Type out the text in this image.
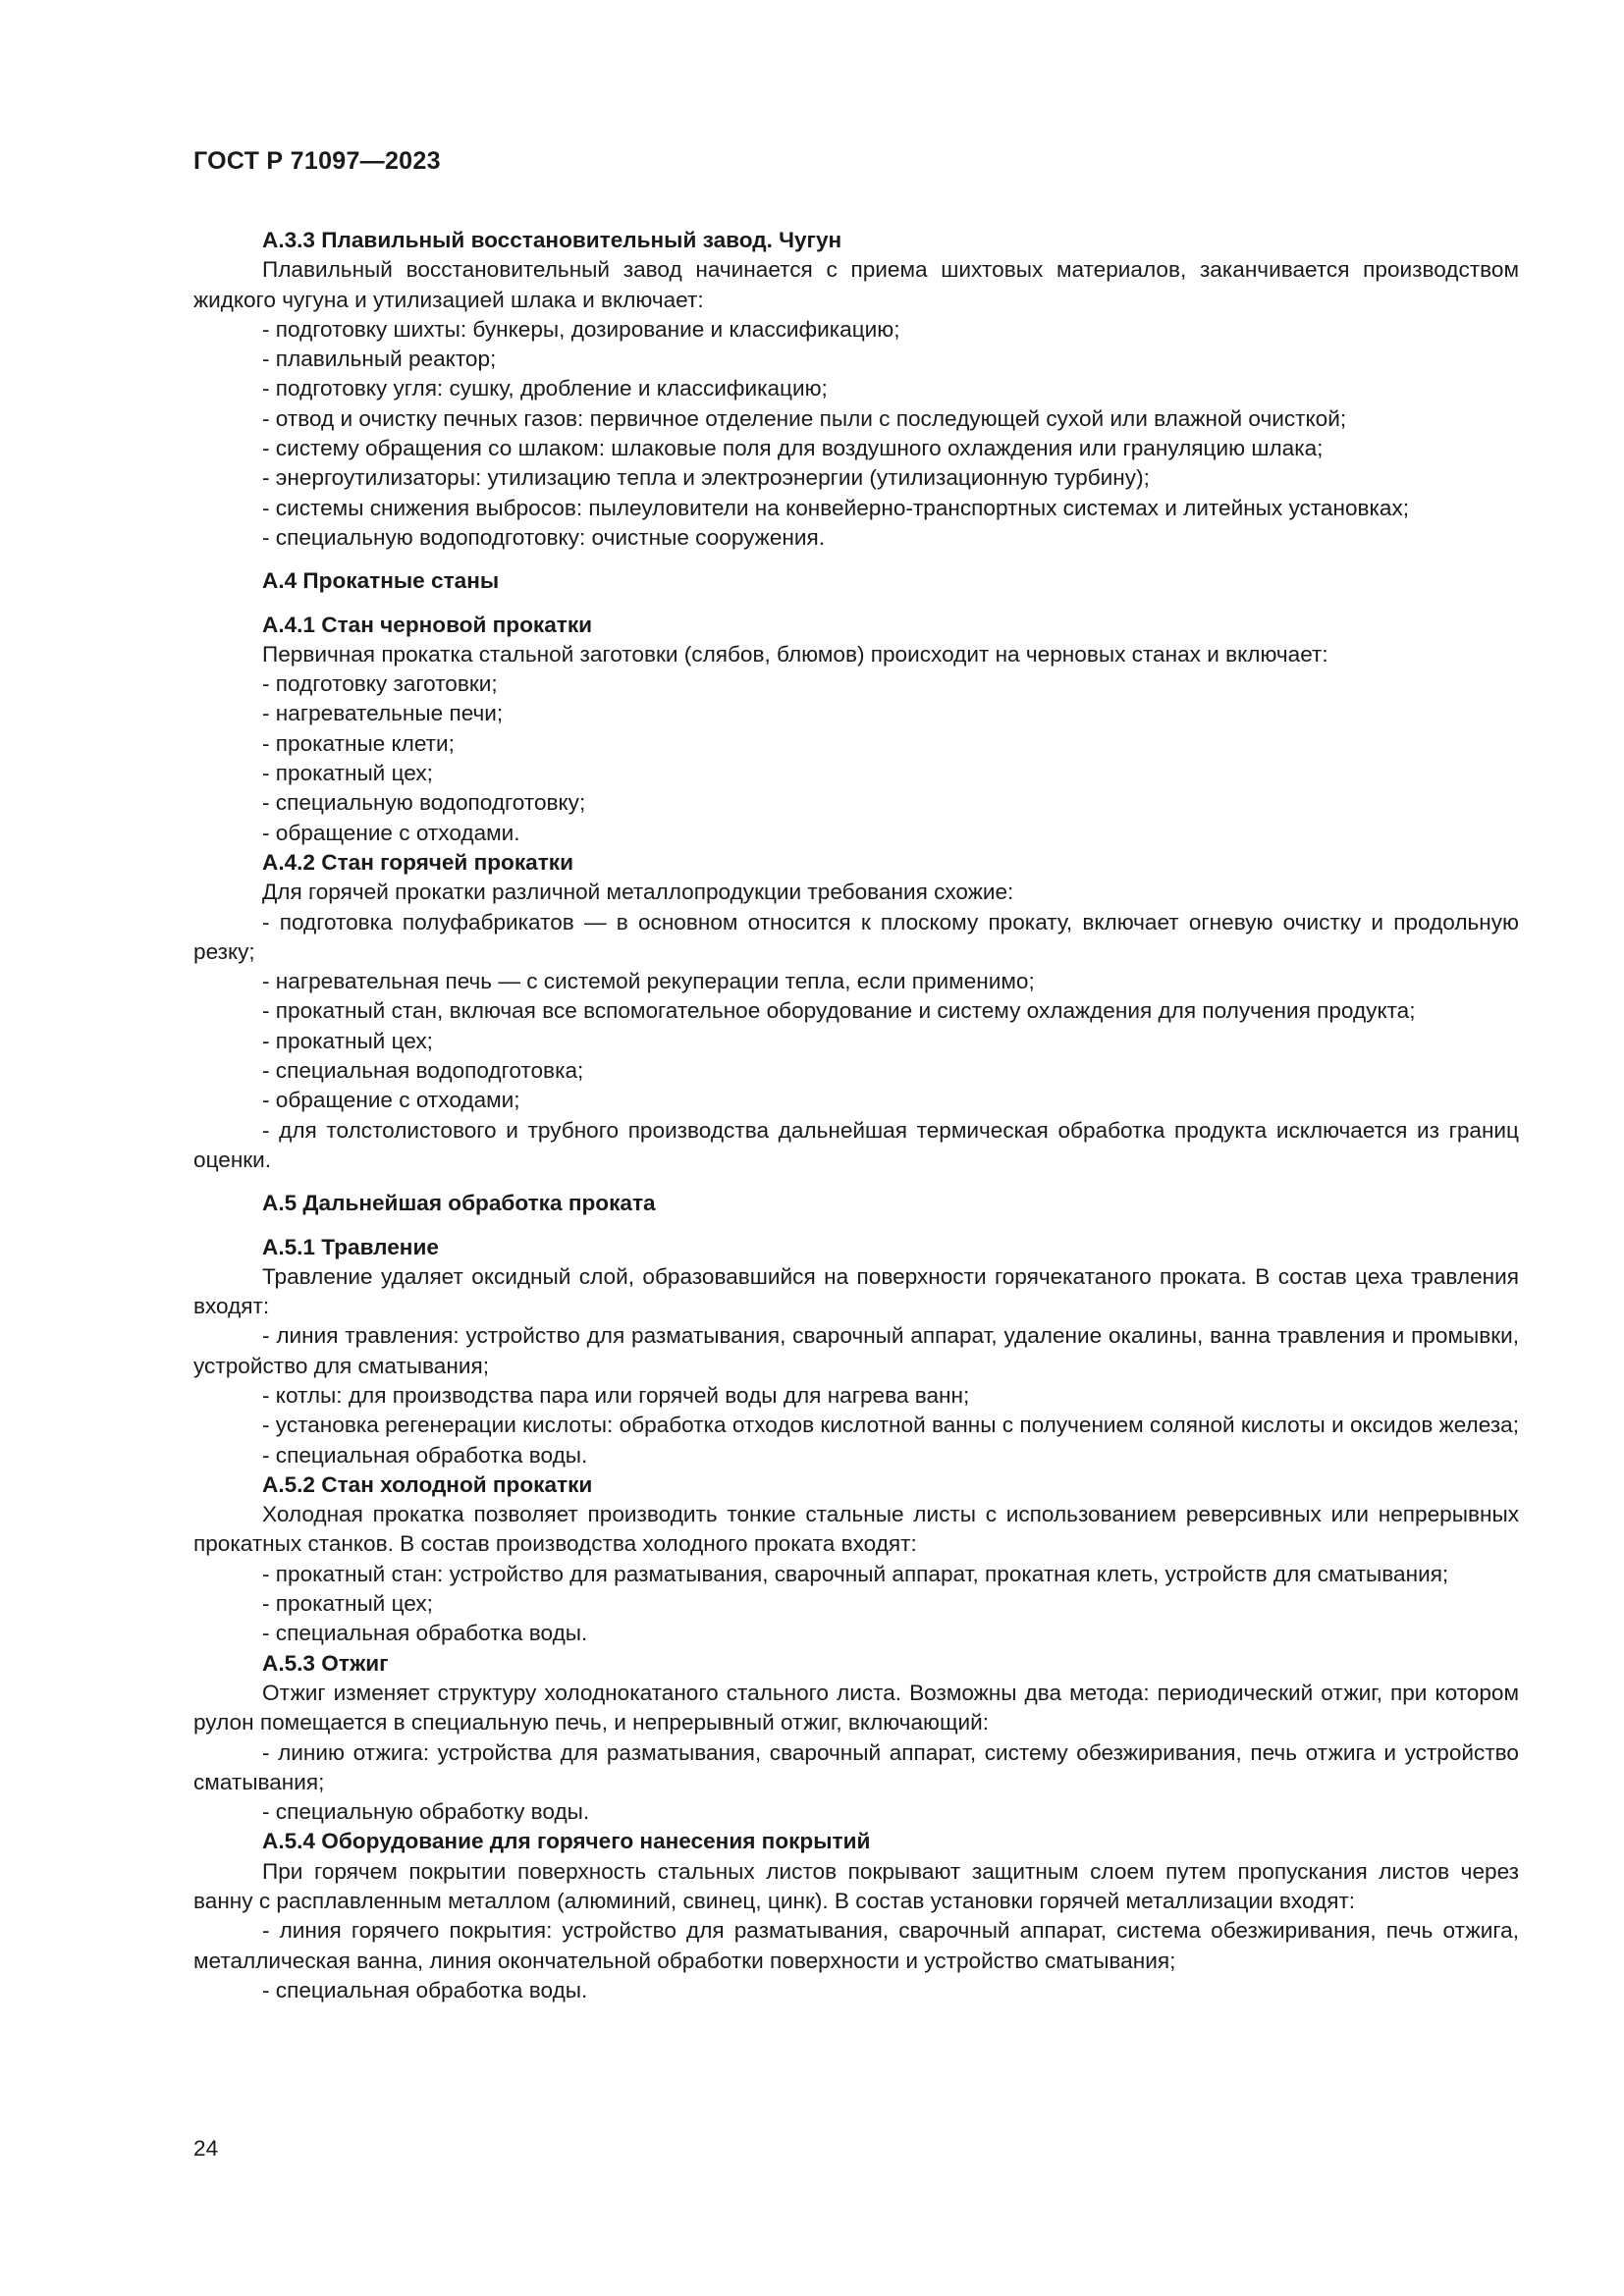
ГОСТ Р 71097—2023

А.3.3 Плавильный восстановительный завод. Чугун

Плавильный восстановительный завод начинается с приема шихтовых материалов, заканчивается производством жидкого чугуна и утилизацией шлака и включает:

- подготовку шихты: бункеры, дозирование и классификацию;

- плавильный реактор;

- подготовку угля: сушку, дробление и классификацию;

- отвод и очистку печных газов: первичное отделение пыли с последующей сухой или влажной очисткой;

- систему обращения со шлаком: шлаковые поля для воздушного охлаждения или грануляцию шлака;

- энергоутилизаторы: утилизацию тепла и электроэнергии (утилизационную турбину);

- системы снижения выбросов: пылеуловители на конвейерно-транспортных системах и литейных установках;

- специальную водоподготовку: очистные сооружения.

А.4 Прокатные станы

А.4.1 Стан черновой прокатки

Первичная прокатка стальной заготовки (слябов, блюмов) происходит на черновых станах и включает:

- подготовку заготовки;

- нагревательные печи;

- прокатные клети;

- прокатный цех;

- специальную водоподготовку;

- обращение с отходами.

А.4.2 Стан горячей прокатки

Для горячей прокатки различной металлопродукции требования схожие:

- подготовка полуфабрикатов — в основном относится к плоскому прокату, включает огневую очистку и продольную резку;

- нагревательная печь — с системой рекуперации тепла, если применимо;

- прокатный стан, включая все вспомогательное оборудование и систему охлаждения для получения продукта;

- прокатный цех;

- специальная водоподготовка;

- обращение с отходами;

- для толстолистового и трубного производства дальнейшая термическая обработка продукта исключается из границ оценки.

А.5 Дальнейшая обработка проката

А.5.1 Травление

Травление удаляет оксидный слой, образовавшийся на поверхности горячекатаного проката. В состав цеха травления входят:

- линия травления: устройство для разматывания, сварочный аппарат, удаление окалины, ванна травления и промывки, устройство для сматывания;

- котлы: для производства пара или горячей воды для нагрева ванн;

- установка регенерации кислоты: обработка отходов кислотной ванны с получением соляной кислоты и оксидов железа;

- специальная обработка воды.

А.5.2 Стан холодной прокатки

Холодная прокатка позволяет производить тонкие стальные листы с использованием реверсивных или непрерывных прокатных станков. В состав производства холодного проката входят:

- прокатный стан: устройство для разматывания, сварочный аппарат, прокатная клеть, устройств для сматывания;

- прокатный цех;

- специальная обработка воды.

А.5.3 Отжиг

Отжиг изменяет структуру холоднокатаного стального листа. Возможны два метода: периодический отжиг, при котором рулон помещается в специальную печь, и непрерывный отжиг, включающий:

- линию отжига: устройства для разматывания, сварочный аппарат, систему обезжиривания, печь отжига и устройство сматывания;

- специальную обработку воды.

А.5.4 Оборудование для горячего нанесения покрытий

При горячем покрытии поверхность стальных листов покрывают защитным слоем путем пропускания листов через ванну с расплавленным металлом (алюминий, свинец, цинк). В состав установки горячей металлизации входят:

- линия горячего покрытия: устройство для разматывания, сварочный аппарат, система обезжиривания, печь отжига, металлическая ванна, линия окончательной обработки поверхности и устройство сматывания;

- специальная обработка воды.

24
